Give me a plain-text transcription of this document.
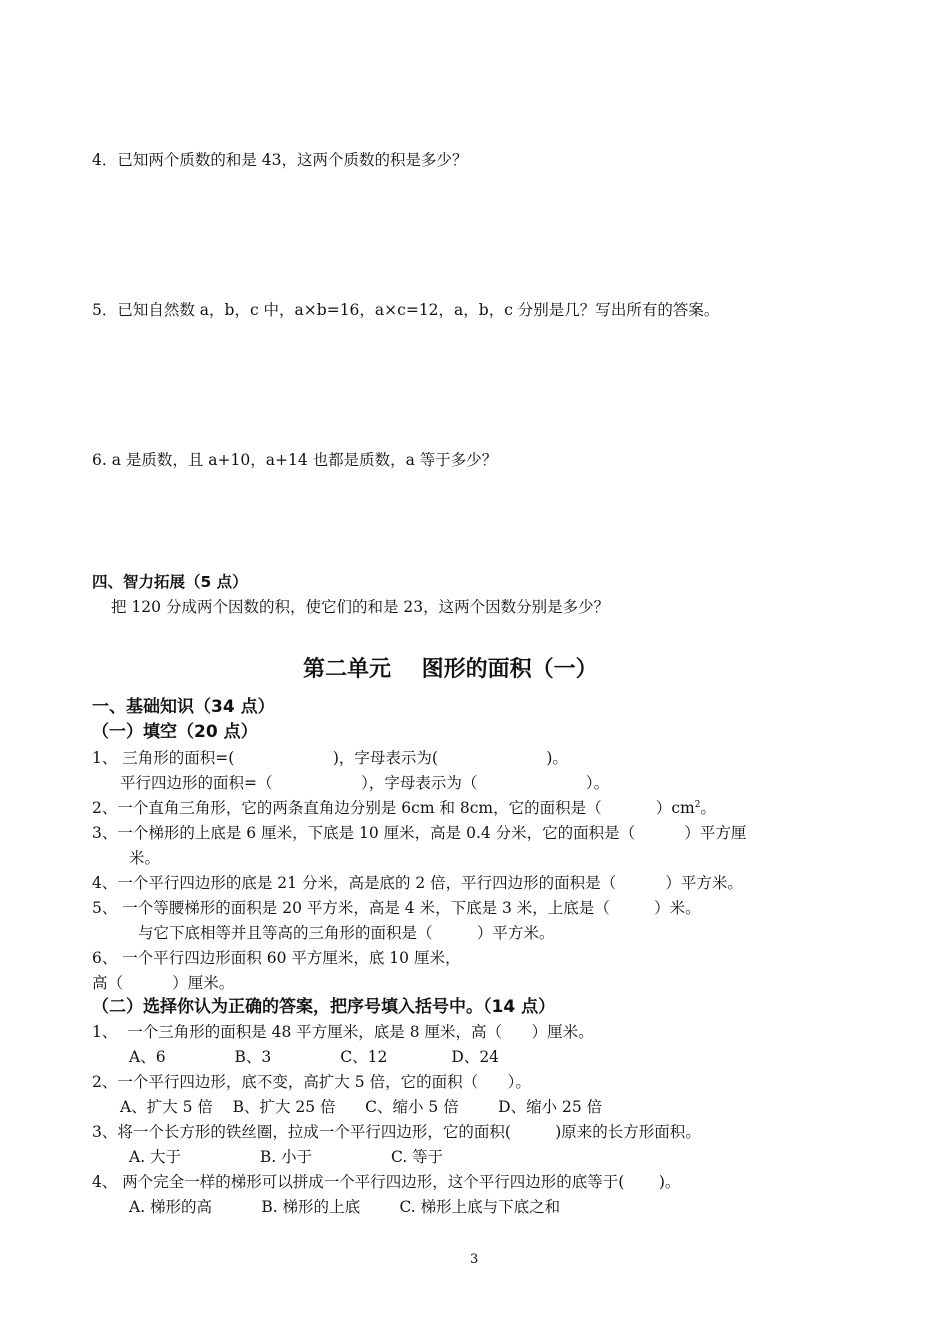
4．已知两个质数的和是 43，这两个质数的积是多少？
5．已知自然数 a，b，c 中，a×b=16，a×c=12，a，b，c 分别是几？写出所有的答案。
6. a 是质数，且 a+10，a+14 也都是质数，a 等于多少？
四、智力拓展（5 点）
把 120 分成两个因数的积，使它们的和是 23，这两个因数分别是多少？
第二单元    图形的面积（一）
一、基础知识（34 点）
（一）填空（20 点）
1、 三角形的面积=(                    )，字母表示为(                      )。
平行四边形的面积=（                  ），字母表示为（                      ）。
2、一个直角三角形，它的两条直角边分别是 6cm 和 8cm，它的面积是（           ）$cm^2$。
3、一个梯形的上底是 6 厘米，下底是 10 厘米，高是 0.4 分米，它的面积是（          ）平方厘
米。
4、一个平行四边形的底是 21 分米，高是底的 2 倍，平行四边形的面积是（          ）平方米。
5、 一个等腰梯形的面积是 20 平方米，高是 4 米，下底是 3 米，上底是（         ）米。
与它下底相等并且等高的三角形的面积是（         ）平方米。
6、 一个平行四边形面积 60 平方厘米，底 10 厘米，
高（          ）厘米。
（二）选择你认为正确的答案，把序号填入括号中。（14 点）
1、  一个三角形的面积是 48 平方厘米，底是 8 厘米，高（      ）厘米。
A、6              B、3              C、12             D、24
2、一个平行四边形，底不变，高扩大 5 倍，它的面积（      ）。
A、扩大 5 倍    B、扩大 25 倍      C、缩小 5 倍        D、缩小 25 倍
3、将一个长方形的铁丝圈，拉成一个平行四边形，它的面积(         )原来的长方形面积。
A. 大于                B. 小于                C. 等于
4、 两个完全一样的梯形可以拼成一个平行四边形，这个平行四边形的底等于(       )。
A. 梯形的高          B. 梯形的上底        C. 梯形上底与下底之和
3
